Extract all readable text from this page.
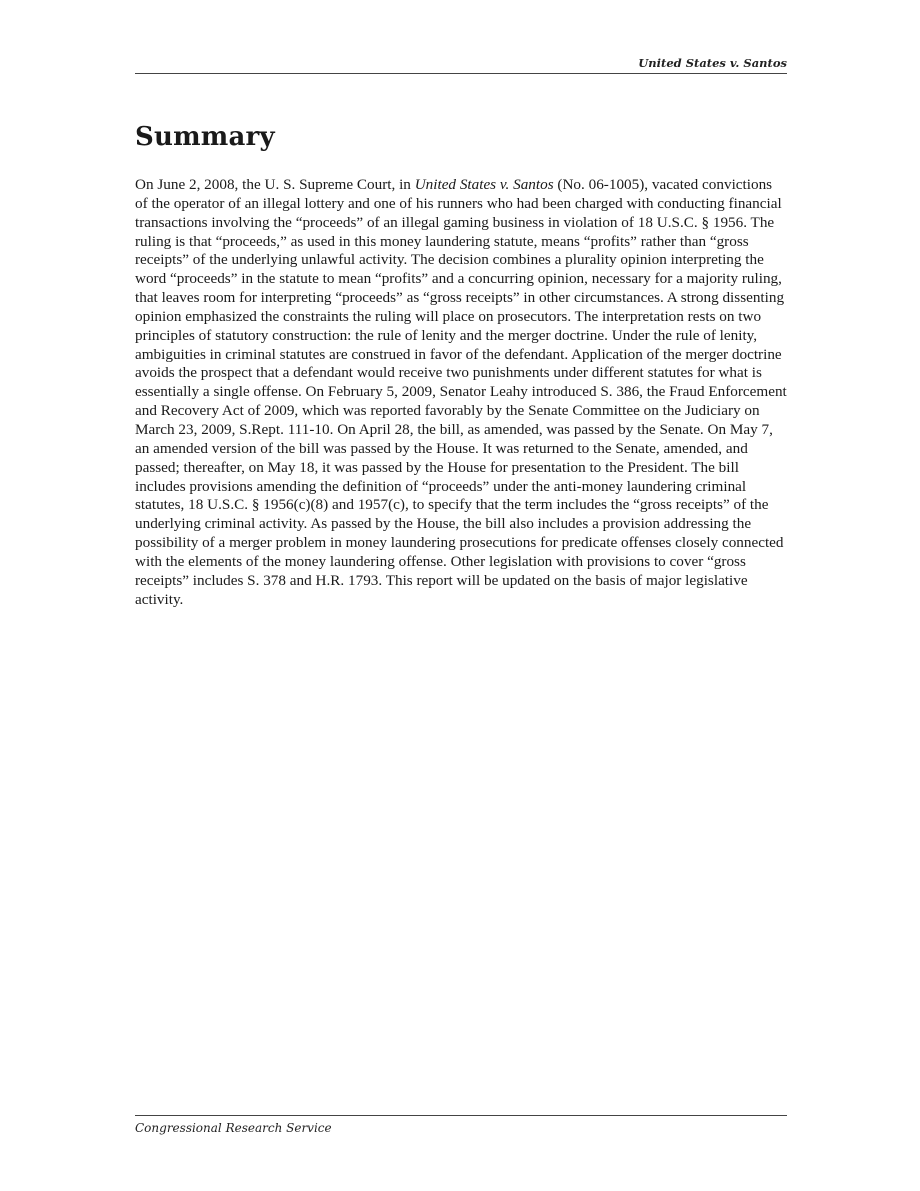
United States v. Santos
Summary

On June 2, 2008, the U. S. Supreme Court, in United States v. Santos (No. 06-1005), vacated convictions of the operator of an illegal lottery and one of his runners who had been charged with conducting financial transactions involving the “proceeds” of an illegal gaming business in violation of 18 U.S.C. § 1956. The ruling is that “proceeds,” as used in this money laundering statute, means “profits” rather than “gross receipts” of the underlying unlawful activity. The decision combines a plurality opinion interpreting the word “proceeds” in the statute to mean “profits” and a concurring opinion, necessary for a majority ruling, that leaves room for interpreting “proceeds” as “gross receipts” in other circumstances. A strong dissenting opinion emphasized the constraints the ruling will place on prosecutors. The interpretation rests on two principles of statutory construction: the rule of lenity and the merger doctrine. Under the rule of lenity, ambiguities in criminal statutes are construed in favor of the defendant. Application of the merger doctrine avoids the prospect that a defendant would receive two punishments under different statutes for what is essentially a single offense. On February 5, 2009, Senator Leahy introduced S. 386, the Fraud Enforcement and Recovery Act of 2009, which was reported favorably by the Senate Committee on the Judiciary on March 23, 2009, S.Rept. 111-10. On April 28, the bill, as amended, was passed by the Senate. On May 7, an amended version of the bill was passed by the House. It was returned to the Senate, amended, and passed; thereafter, on May 18, it was passed by the House for presentation to the President. The bill includes provisions amending the definition of “proceeds” under the anti-money laundering criminal statutes, 18 U.S.C. § 1956(c)(8) and 1957(c), to specify that the term includes the “gross receipts” of the underlying criminal activity. As passed by the House, the bill also includes a provision addressing the possibility of a merger problem in money laundering prosecutions for predicate offenses closely connected with the elements of the money laundering offense. Other legislation with provisions to cover “gross receipts” includes S. 378 and H.R. 1793. This report will be updated on the basis of major legislative activity.

Congressional Research Service
